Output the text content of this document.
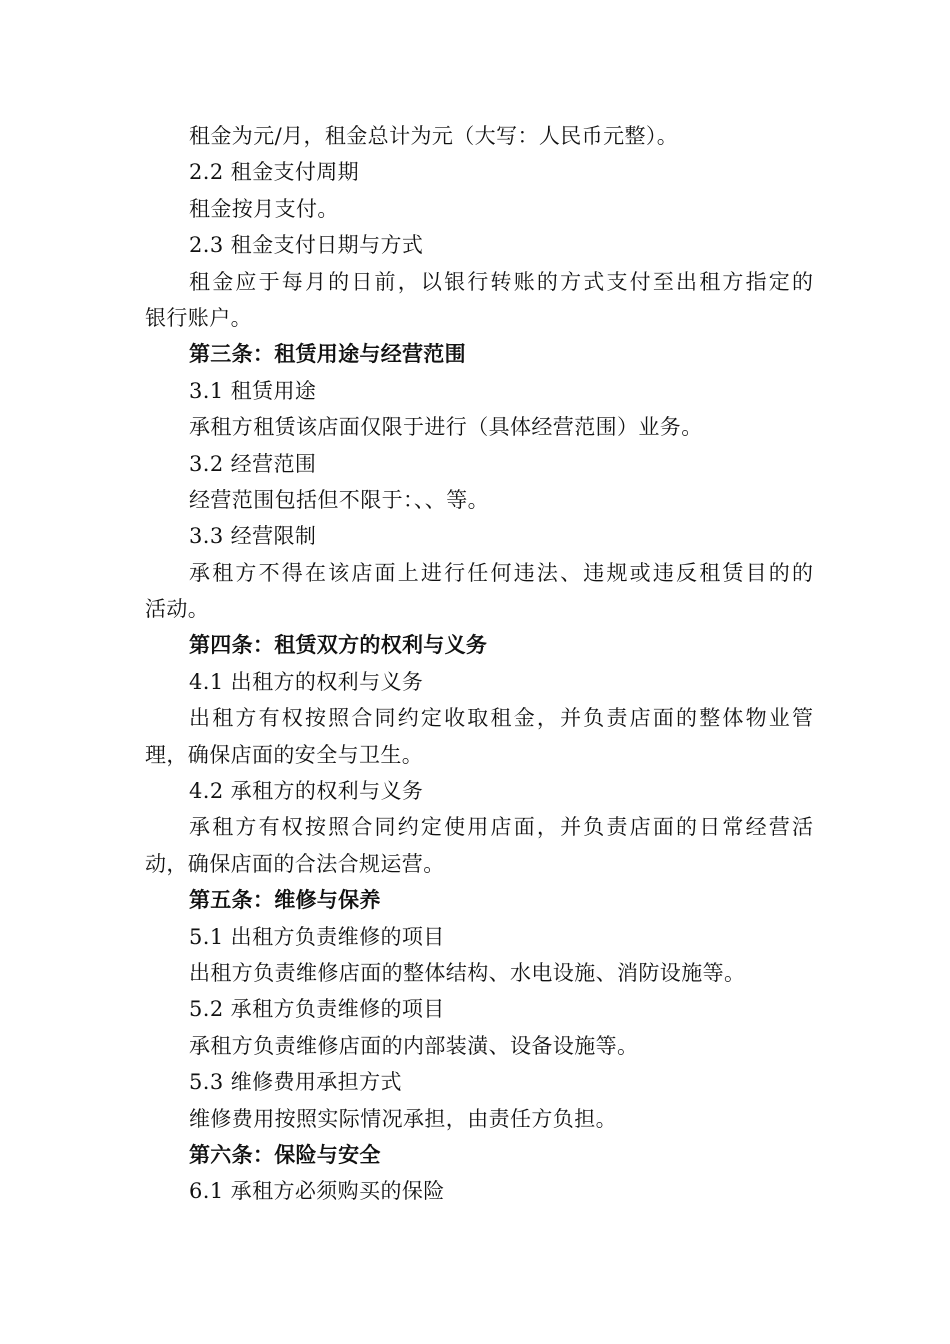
租金为元/月，租金总计为元（大写：人民币元整）。
2.2 租金支付周期
租金按月支付。
2.3 租金支付日期与方式
租金应于每月的日前，以银行转账的方式支付至出租方指定的
银行账户。
第三条：租赁用途与经营范围
3.1 租赁用途
承租方租赁该店面仅限于进行（具体经营范围）业务。
3.2 经营范围
经营范围包括但不限于：、、等。
3.3 经营限制
承租方不得在该店面上进行任何违法、违规或违反租赁目的的
活动。
第四条：租赁双方的权利与义务
4.1 出租方的权利与义务
出租方有权按照合同约定收取租金，并负责店面的整体物业管
理，确保店面的安全与卫生。
4.2 承租方的权利与义务
承租方有权按照合同约定使用店面，并负责店面的日常经营活
动，确保店面的合法合规运营。
第五条：维修与保养
5.1 出租方负责维修的项目
出租方负责维修店面的整体结构、水电设施、消防设施等。
5.2 承租方负责维修的项目
承租方负责维修店面的内部装潢、设备设施等。
5.3 维修费用承担方式
维修费用按照实际情况承担，由责任方负担。
第六条：保险与安全
6.1 承租方必须购买的保险
